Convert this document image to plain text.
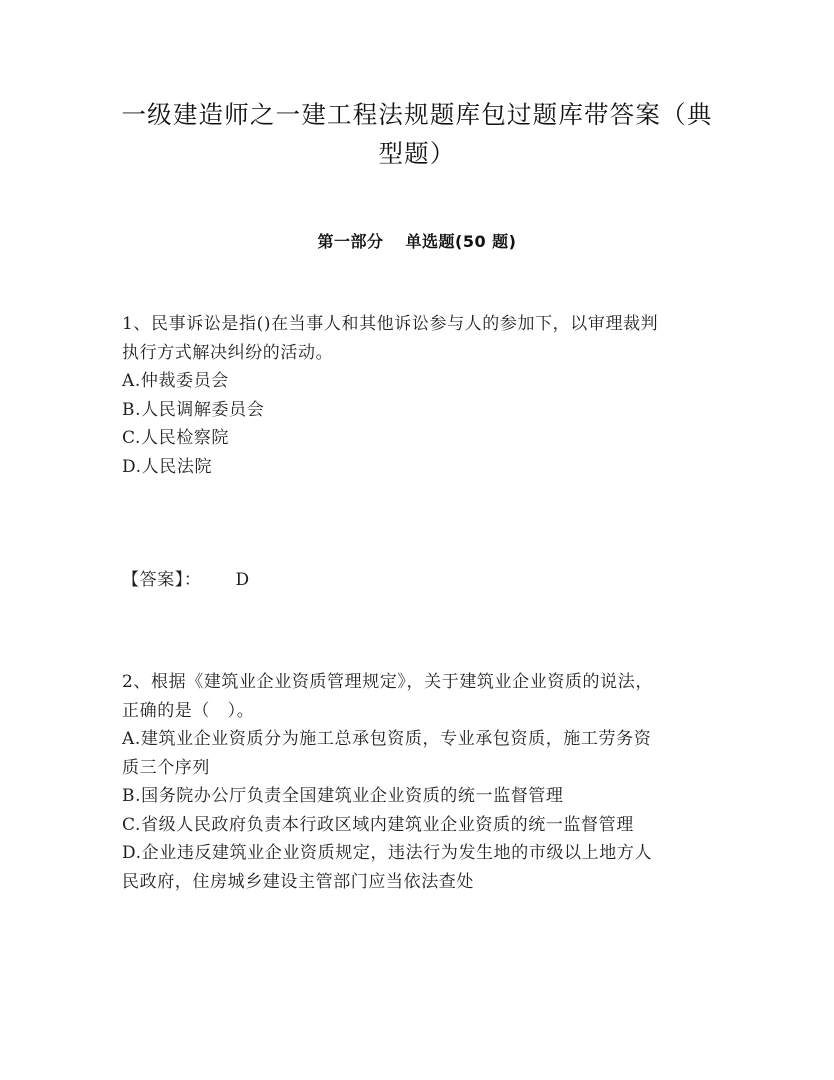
一级建造师之一建工程法规题库包过题库带答案（典
型题）
第一部分 单选题(50 题)
1、民事诉讼是指()在当事人和其他诉讼参与人的参加下，以审理裁判
执行方式解决纠纷的活动。
A.仲裁委员会
B.人民调解委员会
C.人民检察院
D.人民法院
【答案】： D
2、根据《建筑业企业资质管理规定》，关于建筑业企业资质的说法，
正确的是（　）。
A.建筑业企业资质分为施工总承包资质，专业承包资质，施工劳务资
质三个序列
B.国务院办公厅负责全国建筑业企业资质的统一监督管理
C.省级人民政府负责本行政区域内建筑业企业资质的统一监督管理
D.企业违反建筑业企业资质规定，违法行为发生地的市级以上地方人
民政府，住房城乡建设主管部门应当依法查处
